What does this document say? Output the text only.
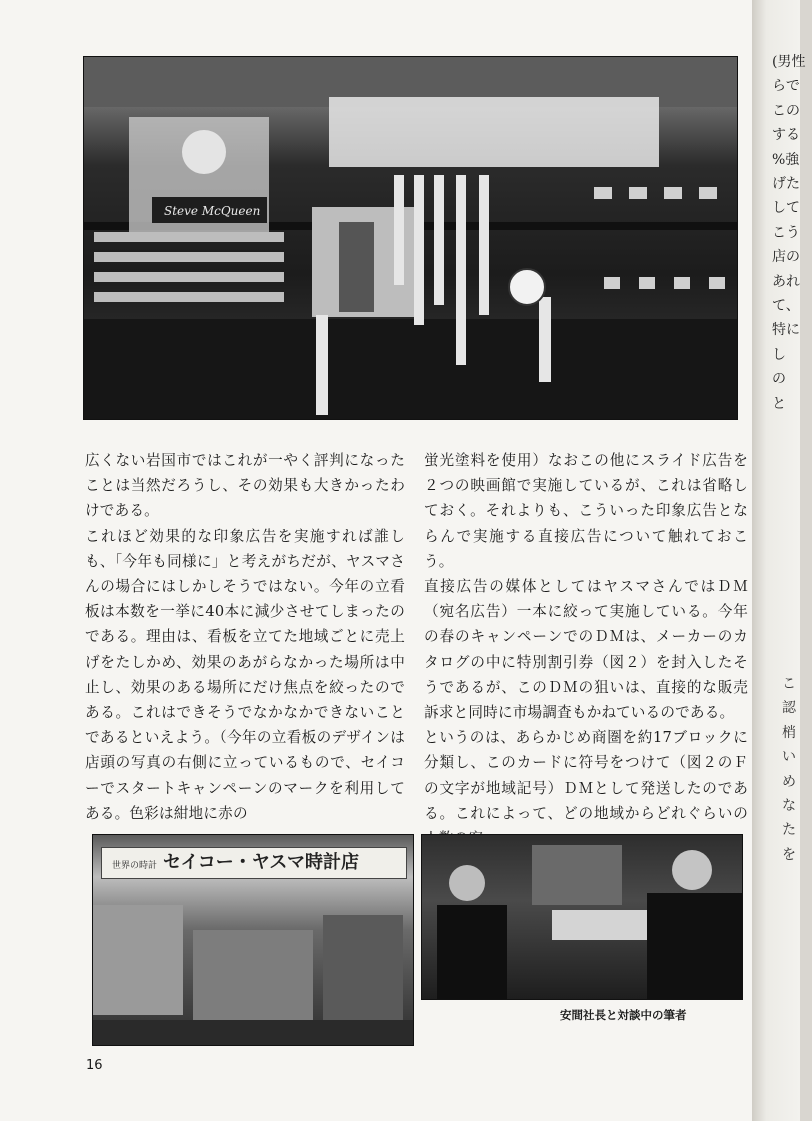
Steve McQueen

広くない岩国市ではこれが一やく評判になったことは当然だろうし、その効果も大きかったわけである。

これほど効果的な印象広告を実施すれば誰しも、「今年も同様に」と考えがちだが、ヤスマさんの場合にはしかしそうではない。今年の立看板は本数を一挙に40本に減少させてしまったのである。理由は、看板を立てた地域ごとに売上げをたしかめ、効果のあがらなかった場所は中止し、効果のある場所にだけ焦点を絞ったのである。これはできそうでなかなかできないことであるといえよう。（今年の立看板のデザインは店頭の写真の右側に立っているもので、セイコーでスタートキャンペーンのマークを利用してある。色彩は紺地に赤の

蛍光塗料を使用）なおこの他にスライド広告を２つの映画館で実施しているが、これは省略しておく。それよりも、こういった印象広告とならんで実施する直接広告について触れておこう。

直接広告の媒体としてはヤスマさんではＤＭ（宛名広告）一本に絞って実施している。今年の春のキャンペーンでのＤＭは、メーカーのカタログの中に特別割引券（図２）を封入したそうであるが、このＤＭの狙いは、直接的な販売訴求と同時に市場調査もかねているのである。

というのは、あらかじめ商圏を約17ブロックに分類し、このカードに符号をつけて（図２のＦの文字が地域記号）ＤＭとして発送したのである。これによって、どの地域からどれぐらいの

世界の時計 セイコー・ヤスマ時計店
安間社長と対談中の筆者
16
(男性
らで
この
する
%強
げた
して
こう
店の
あれ
て、
特に
し
の
と
こ
認
梢
い
め
な
た
を
